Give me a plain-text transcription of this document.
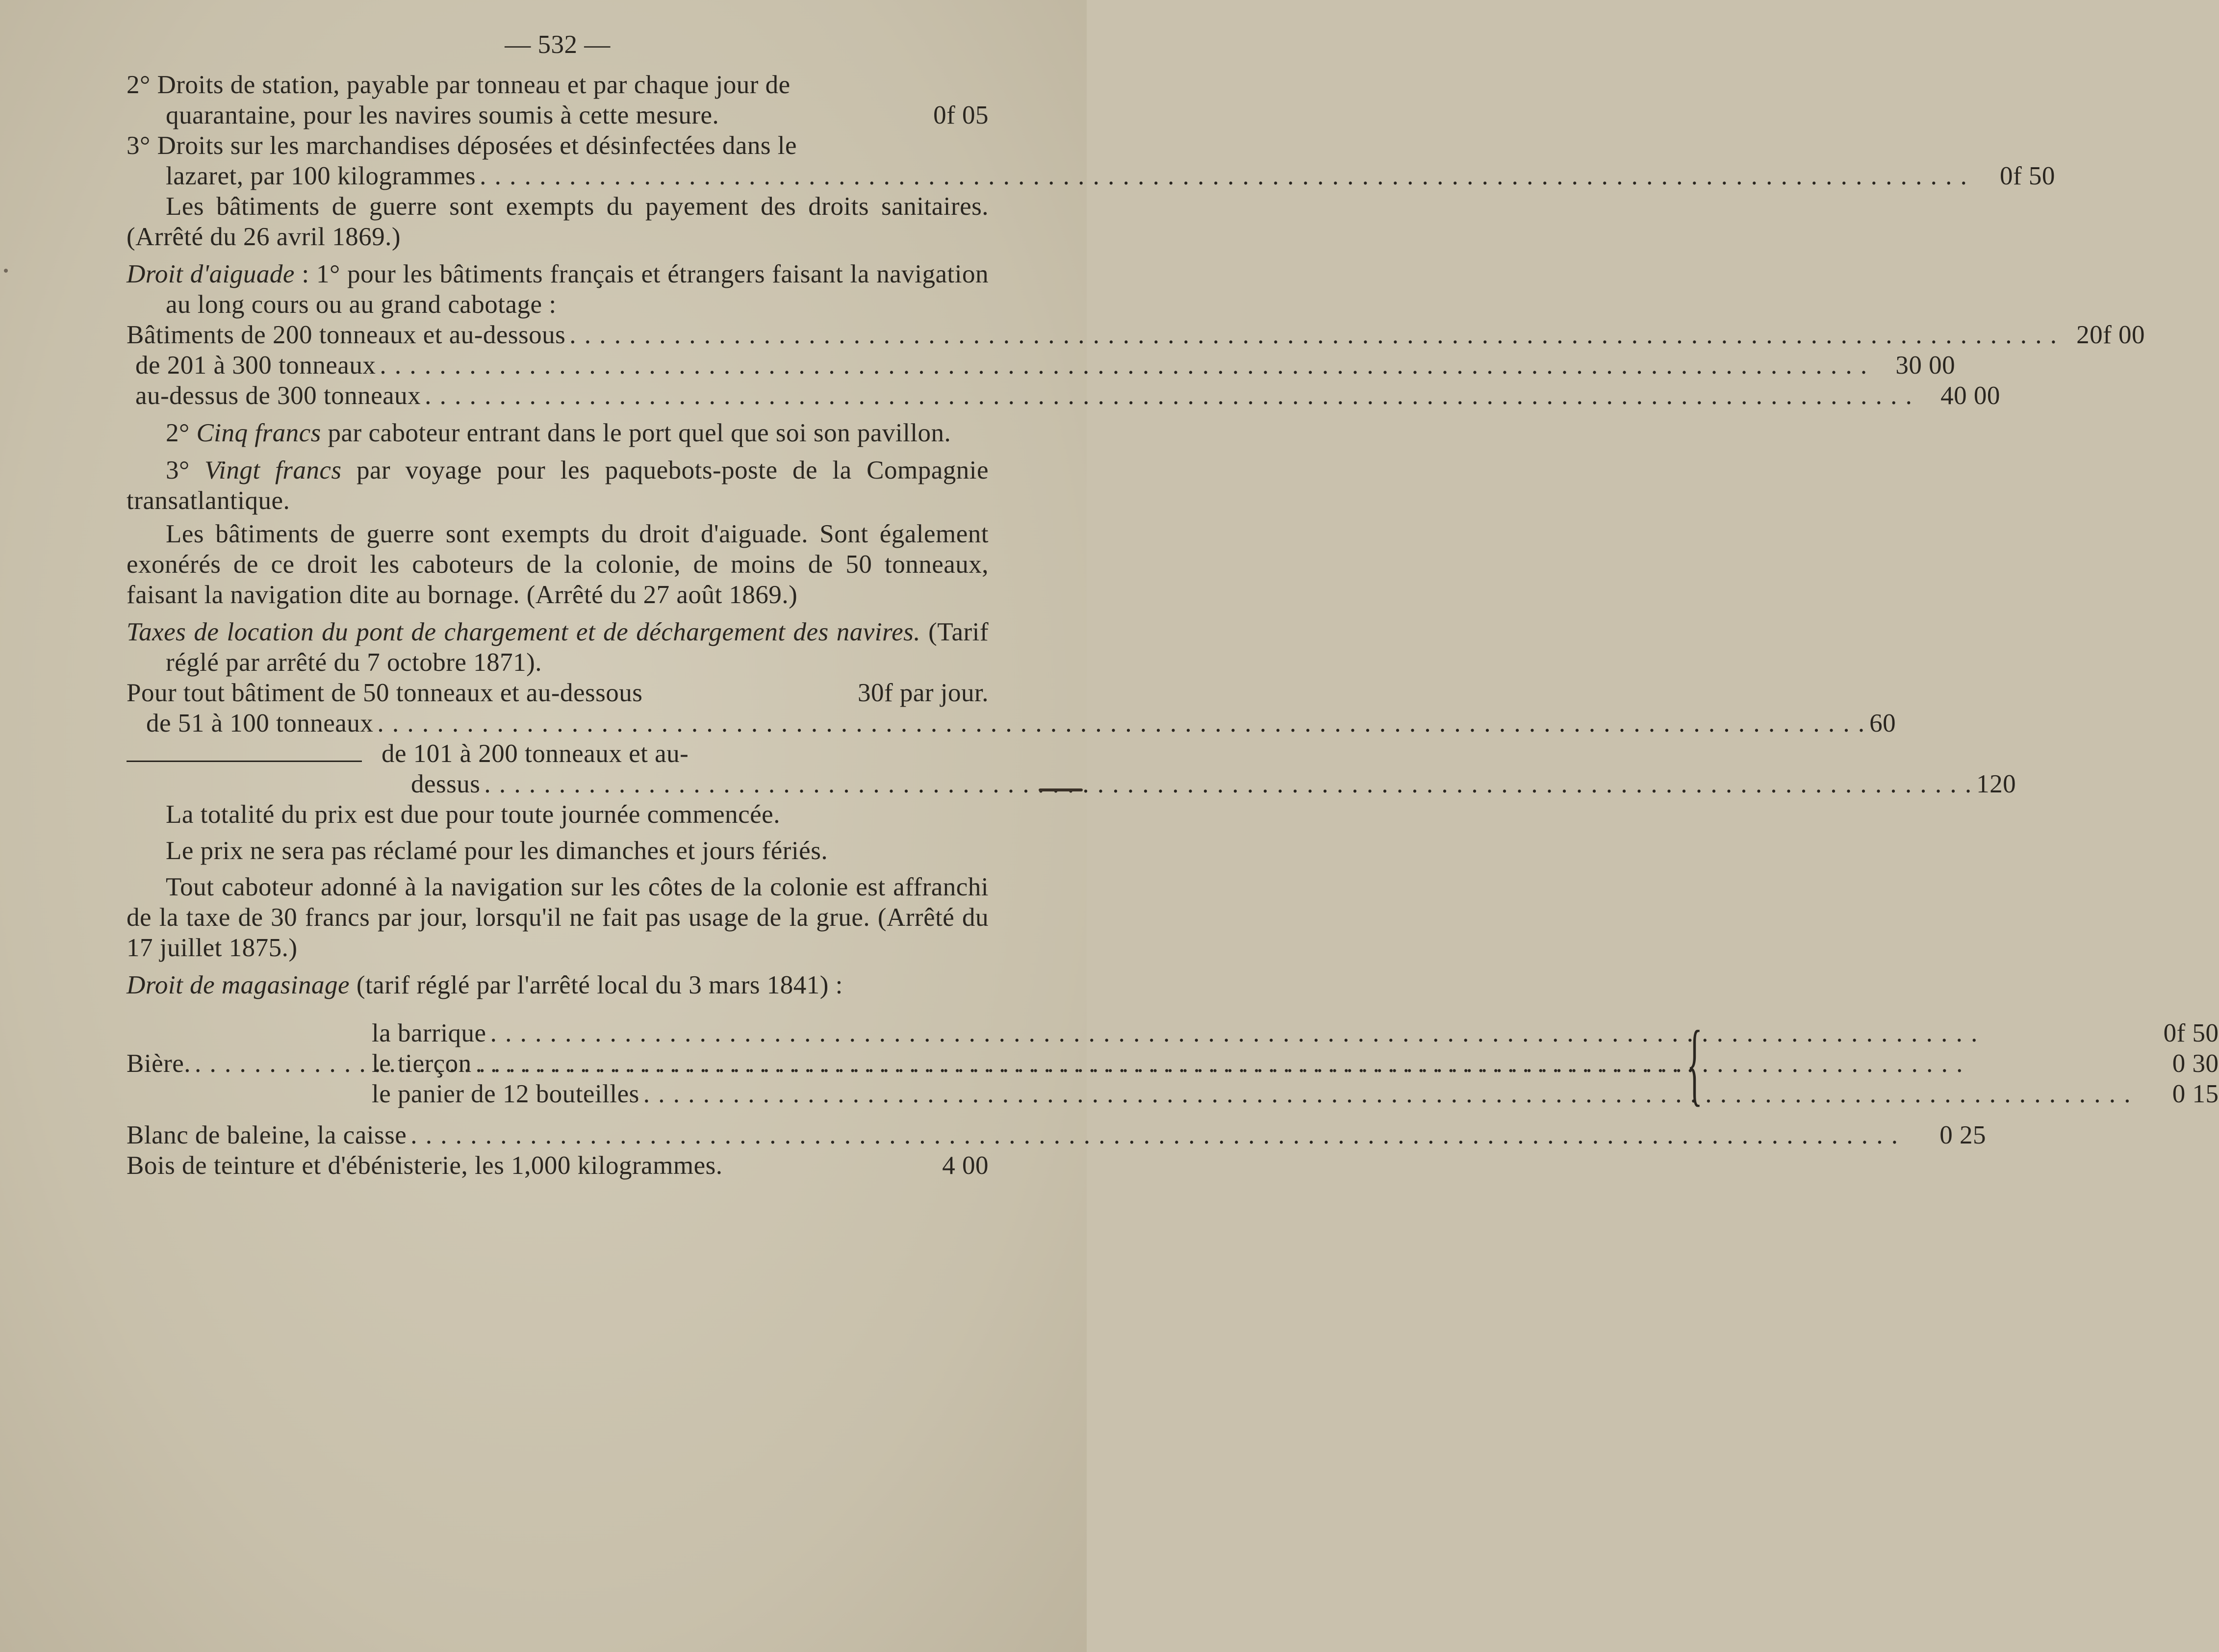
— 532 —
2° Droits de station, payable par tonneau et par chaque jour de
quarantaine, pour les navires soumis à cette mesure.	0f 05
3° Droits sur les marchandises déposées et désinfectées dans le
lazaret, par 100 kilogrammes . . .	0f 50
Les bâtiments de guerre sont exempts du payement des droits sanitaires. (Arrêté du 26 avril 1869.)
Droit d'aiguade : 1° pour les bâtiments français et étrangers faisant la navigation au long cours ou au grand cabotage :
Bâtiments de 200 tonneaux et au-dessous . . .	20f 00
de 201 à 300 tonneaux . . .	30 00
au-dessus de 300 tonneaux . . .	40 00
2° Cinq francs par caboteur entrant dans le port quel que soi son pavillon.
3° Vingt francs par voyage pour les paquebots-poste de la Compagnie transatlantique.
Les bâtiments de guerre sont exempts du droit d'aiguade. Sont également exonérés de ce droit les caboteurs de la colonie, de moins de 50 tonneaux, faisant la navigation dite au bornage. (Arrêté du 27 août 1869.)
Taxes de location du pont de chargement et de déchargement des navires. (Tarif réglé par arrêté du 7 octobre 1871).
Pour tout bâtiment de 50 tonneaux et au-dessous	30f par jour.
de 51 à 100 tonneaux . . .	60
de 101 à 200 tonneaux et au-
dessus . . .	120
La totalité du prix est due pour toute journée commencée.
Le prix ne sera pas réclamé pour les dimanches et jours fériés.
Tout caboteur adonné à la navigation sur les côtes de la colonie est affranchi de la taxe de 30 francs par jour, lorsqu'il ne fait pas usage de la grue. (Arrêté du 17 juillet 1875.)
Droit de magasinage (tarif réglé par l'arrêté local du 3 mars 1841) :
Bière. . . .	{
la barrique . . .	0f 50
le tierçon . . .	0 30
le panier de 12 bouteilles . . .	0 15
Blanc de baleine, la caisse . . .	0 25
Bois de teinture et d'ébénisterie, les 1,000 kilogrammes.	4 00
